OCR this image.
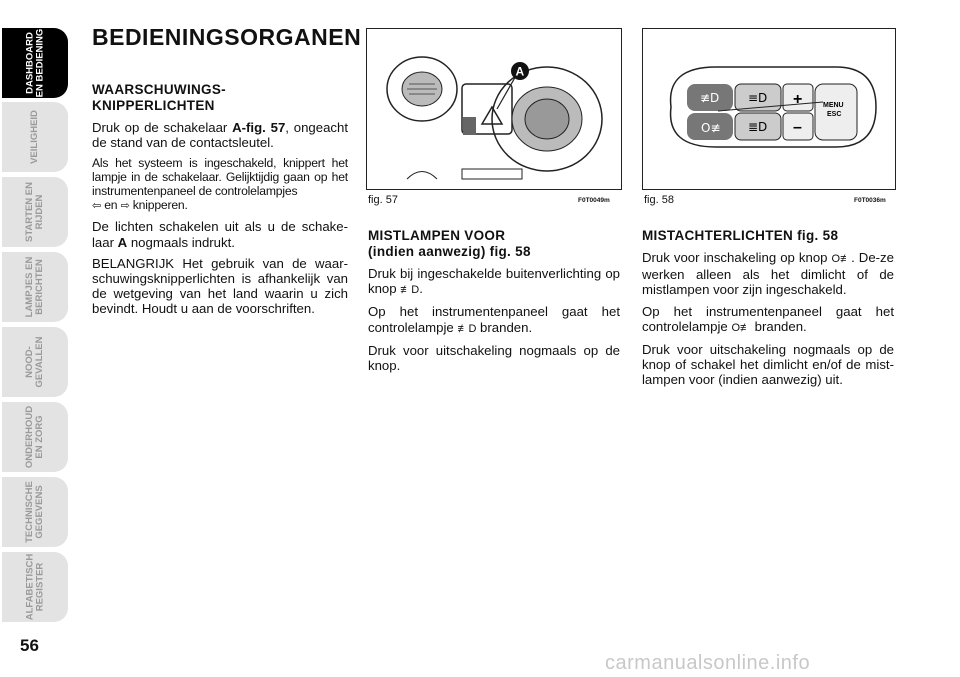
DASHBOARD
EN BEDIENING
VEILIGHEID
STARTEN EN
RIJDEN
LAMPJES EN
BERICHTEN
NOOD-
GEVALLEN
ONDERHOUD
EN ZORG
TECHNISCHE
GEGEVENS
ALFABETISCH
REGISTER
56
BEDIENINGSORGANEN
WAARSCHUWINGS-
KNIPPERLICHTEN

Druk op de schakelaar A-fig. 57, ongeacht de stand van de contactsleutel.

Als het systeem is ingeschakeld, knippert het lampje in de schakelaar. Gelijktijdig gaan op het instrumentenpaneel de controlelampjes
⇦ en ⇨ knipperen.

De lichten schakelen uit als u de schake-laar A nogmaals indrukt.

BELANGRIJK Het gebruik van de waar-schuwingsknipperlichten is afhankelijk van de wetgeving van het land waarin u zich bevindt. Houdt u aan de voorschriften.

A
fig. 57	F0T0049m
+
–
MENU
ESC
≢D
O≢
≡D
≣D
fig. 58	F0T0036m
MISTLAMPEN VOOR
(indien aanwezig) fig. 58

Druk bij ingeschakelde buitenverlichting op knop ≢D.

Op het instrumentenpaneel gaat het controlelampje ≢D branden.

Druk voor uitschakeling nogmaals op de knop.

MISTACHTERLICHTEN fig. 58

Druk voor inschakeling op knop O≢. De-ze werken alleen als het dimlicht of de mistlampen voor zijn ingeschakeld.

Op het instrumentenpaneel gaat het controlelampje O≢ branden.

Druk voor uitschakeling nogmaals op de knop of schakel het dimlicht en/of de mist-lampen voor (indien aanwezig) uit.

carmanualsonline.info
